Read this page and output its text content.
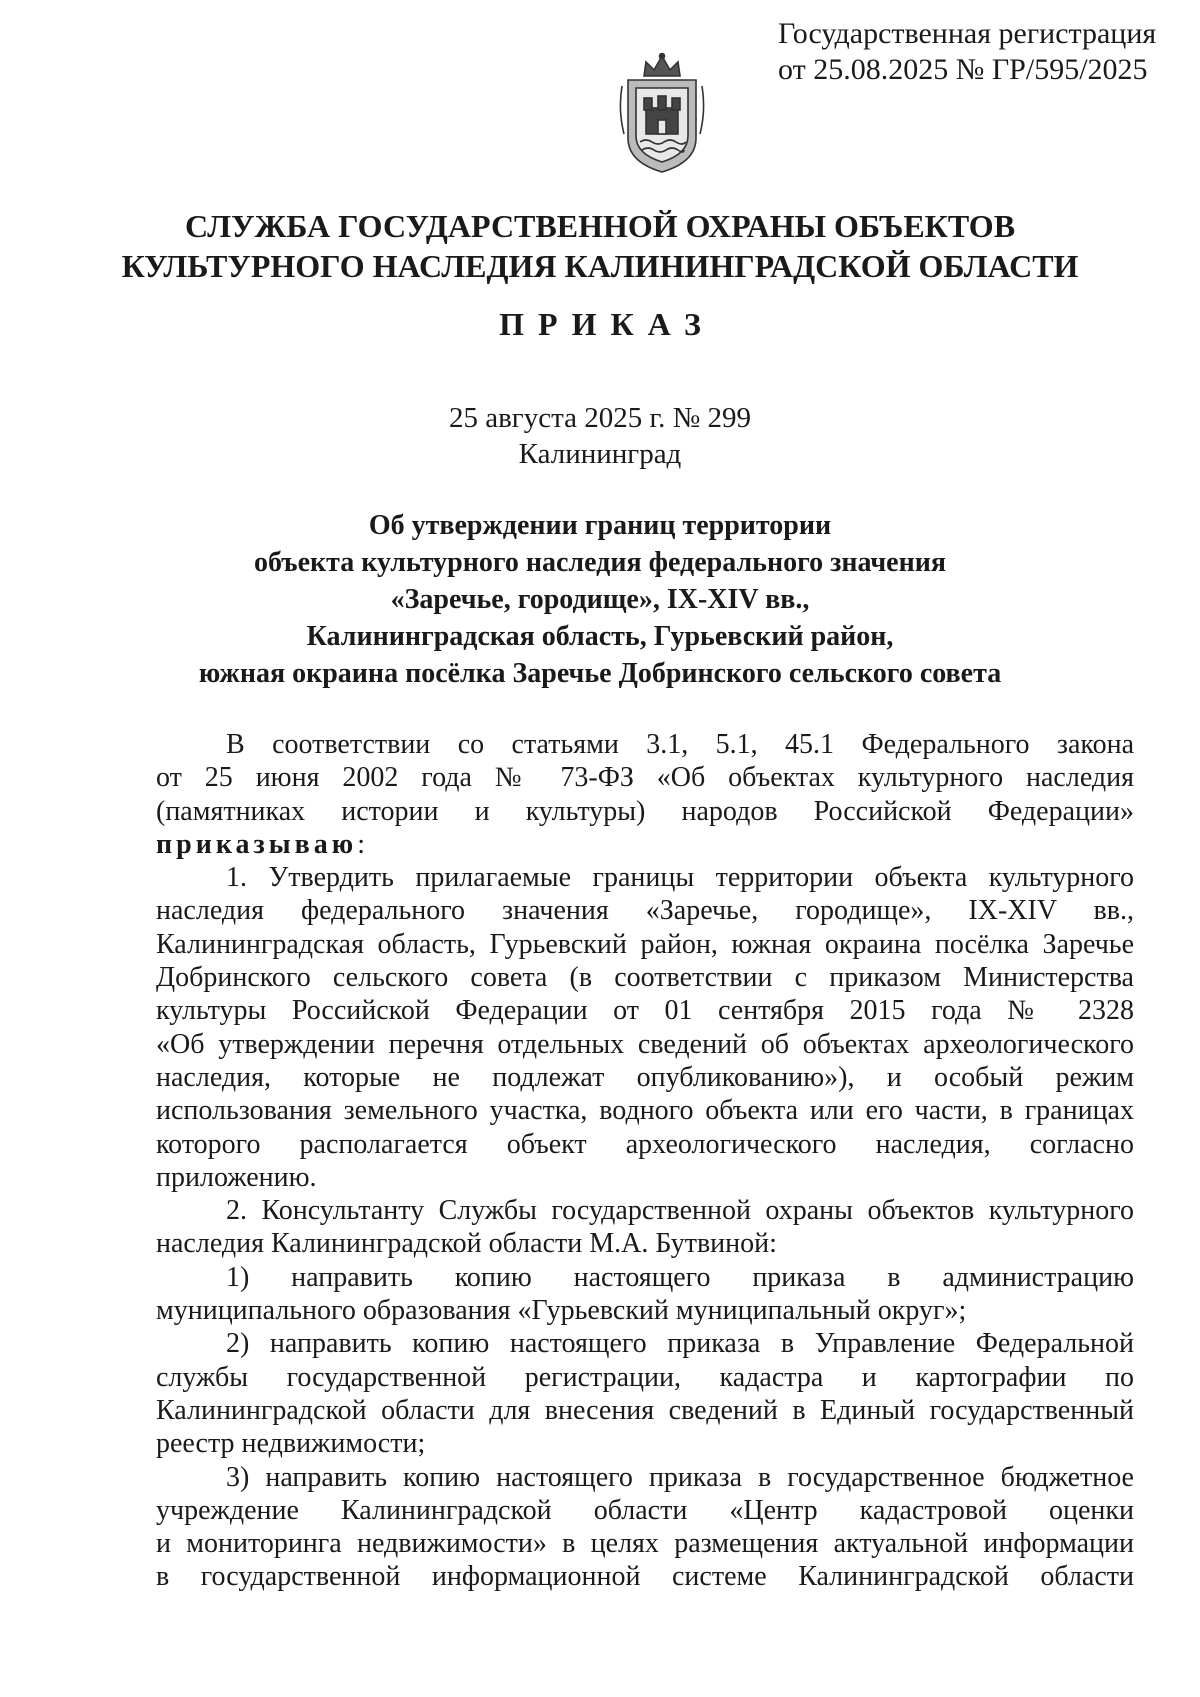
Государственная регистрация
от 25.08.2025 № ГР/595/2025
СЛУЖБА ГОСУДАРСТВЕННОЙ ОХРАНЫ ОБЪЕКТОВ
КУЛЬТУРНОГО НАСЛЕДИЯ КАЛИНИНГРАДСКОЙ ОБЛАСТИ
ПРИКАЗ
25 августа 2025 г. № 299
Калининград
Об утверждении границ территории
объекта культурного наследия федерального значения
«Заречье, городище», IX-XIV вв.,
Калининградская область, Гурьевский район,
южная окраина посёлка Заречье Добринского сельского совета
В соответствии со статьями 3.1, 5.1, 45.1 Федерального закона
от 25 июня 2002 года № 73-ФЗ «Об объектах культурного наследия
(памятниках истории и культуры) народов Российской Федерации»
приказываю:
1. Утвердить прилагаемые границы территории объекта культурного
наследия федерального значения «Заречье, городище», IX-XIV вв.,
Калининградская область, Гурьевский район, южная окраина посёлка Заречье
Добринского сельского совета (в соответствии с приказом Министерства
культуры Российской Федерации от 01 сентября 2015 года № 2328
«Об утверждении перечня отдельных сведений об объектах археологического
наследия, которые не подлежат опубликованию»), и особый режим
использования земельного участка, водного объекта или его части, в границах
которого располагается объект археологического наследия, согласно
приложению.
2. Консультанту Службы государственной охраны объектов культурного
наследия Калининградской области М.А. Бутвиной:
1) направить копию настоящего приказа в администрацию
муниципального образования «Гурьевский муниципальный округ»;
2) направить копию настоящего приказа в Управление Федеральной
службы государственной регистрации, кадастра и картографии по
Калининградской области для внесения сведений в Единый государственный
реестр недвижимости;
3) направить копию настоящего приказа в государственное бюджетное
учреждение Калининградской области «Центр кадастровой оценки
и мониторинга недвижимости» в целях размещения актуальной информации
в государственной информационной системе Калининградской области
